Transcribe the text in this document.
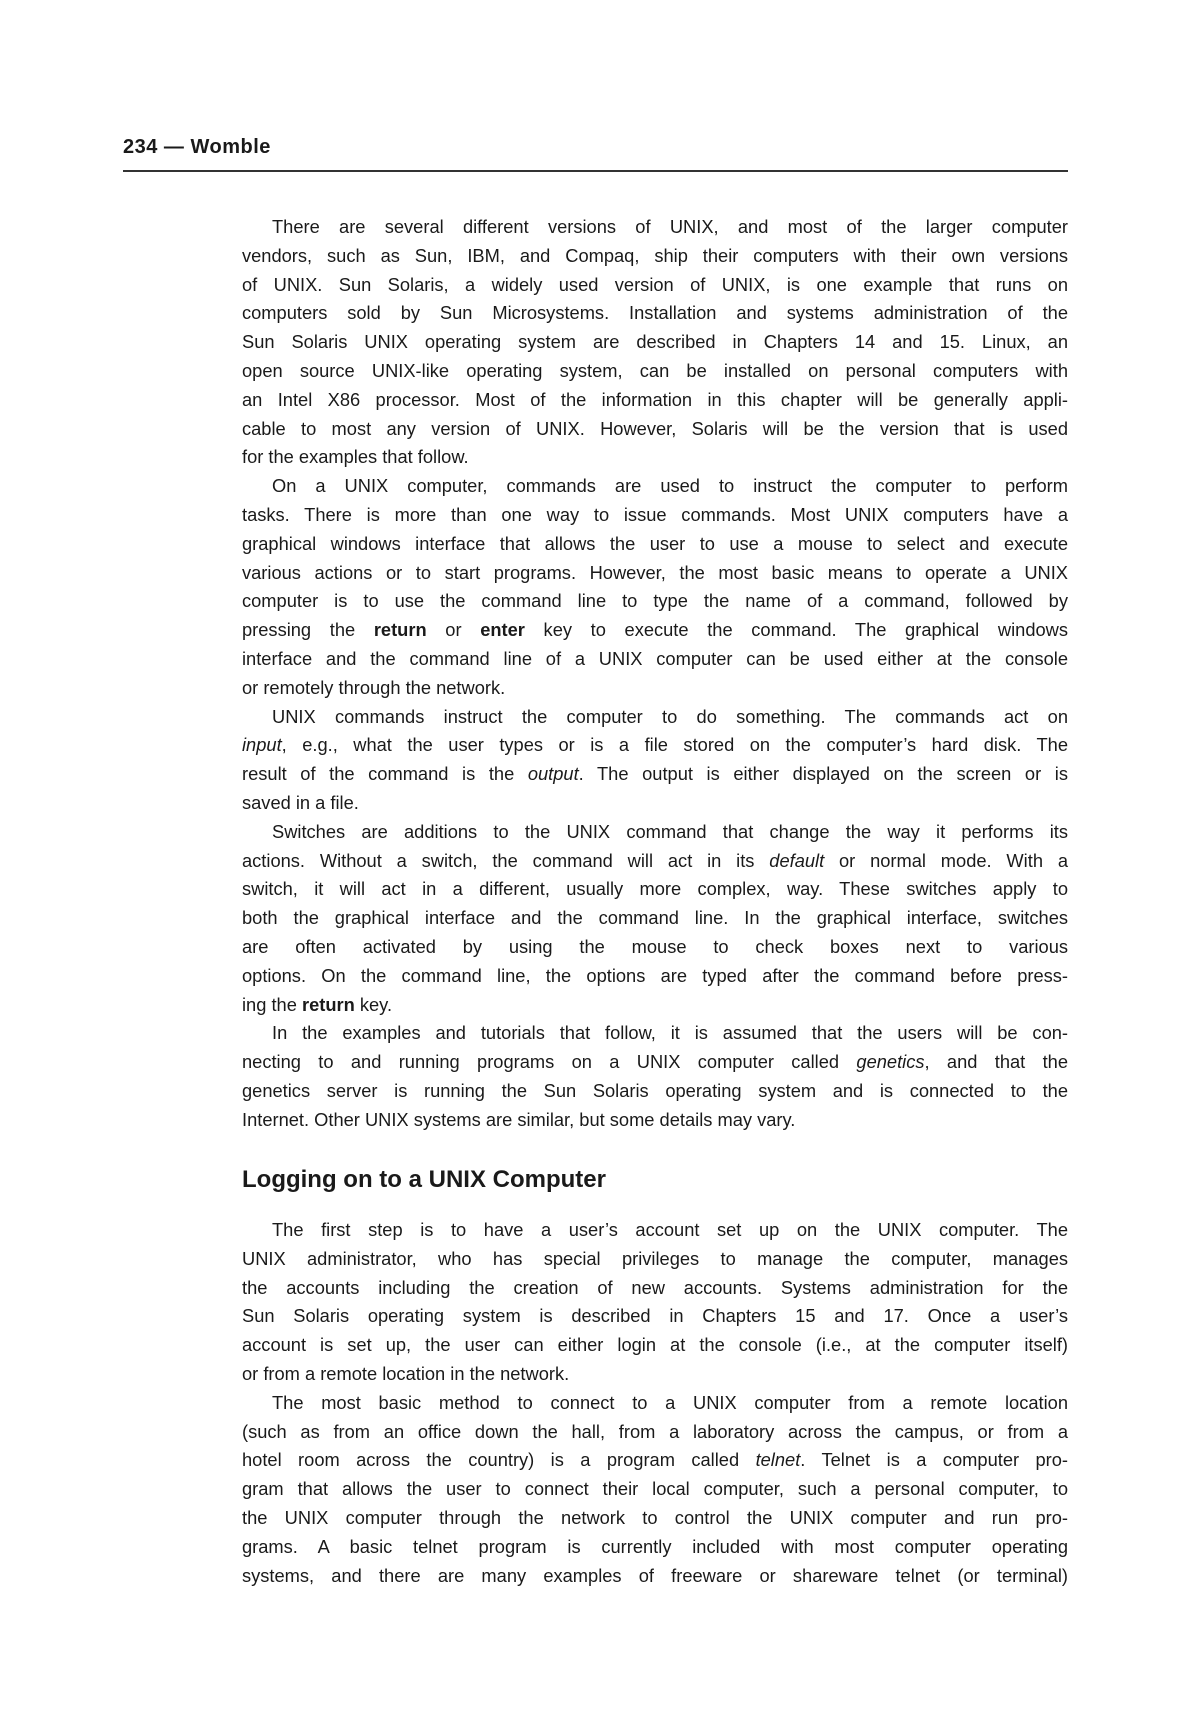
234 — Womble
There are several different versions of UNIX, and most of the larger computer
vendors, such as Sun, IBM, and Compaq, ship their computers with their own versions
of UNIX. Sun Solaris, a widely used version of UNIX, is one example that runs on
computers sold by Sun Microsystems. Installation and systems administration of the
Sun Solaris UNIX operating system are described in Chapters 14 and 15. Linux, an
open source UNIX-like operating system, can be installed on personal computers with
an Intel X86 processor. Most of the information in this chapter will be generally appli-
cable to most any version of UNIX. However, Solaris will be the version that is used
for the examples that follow.
On a UNIX computer, commands are used to instruct the computer to perform
tasks. There is more than one way to issue commands. Most UNIX computers have a
graphical windows interface that allows the user to use a mouse to select and execute
various actions or to start programs. However, the most basic means to operate a UNIX
computer is to use the command line to type the name of a command, followed by
pressing the return or enter key to execute the command. The graphical windows
interface and the command line of a UNIX computer can be used either at the console
or remotely through the network.
UNIX commands instruct the computer to do something. The commands act on
input, e.g., what the user types or is a file stored on the computer’s hard disk. The
result of the command is the output. The output is either displayed on the screen or is
saved in a file.
Switches are additions to the UNIX command that change the way it performs its
actions. Without a switch, the command will act in its default or normal mode. With a
switch, it will act in a different, usually more complex, way. These switches apply to
both the graphical interface and the command line. In the graphical interface, switches
are often activated by using the mouse to check boxes next to various
options. On the command line, the options are typed after the command before press-
ing the return key.
In the examples and tutorials that follow, it is assumed that the users will be con-
necting to and running programs on a UNIX computer called genetics, and that the
genetics server is running the Sun Solaris operating system and is connected to the
Internet. Other UNIX systems are similar, but some details may vary.
Logging on to a UNIX Computer
The first step is to have a user’s account set up on the UNIX computer. The
UNIX administrator, who has special privileges to manage the computer, manages
the accounts including the creation of new accounts. Systems administration for the
Sun Solaris operating system is described in Chapters 15 and 17. Once a user’s
account is set up, the user can either login at the console (i.e., at the computer itself)
or from a remote location in the network.
The most basic method to connect to a UNIX computer from a remote location
(such as from an office down the hall, from a laboratory across the campus, or from a
hotel room across the country) is a program called telnet. Telnet is a computer pro-
gram that allows the user to connect their local computer, such a personal computer, to
the UNIX computer through the network to control the UNIX computer and run pro-
grams. A basic telnet program is currently included with most computer operating
systems, and there are many examples of freeware or shareware telnet (or terminal)
